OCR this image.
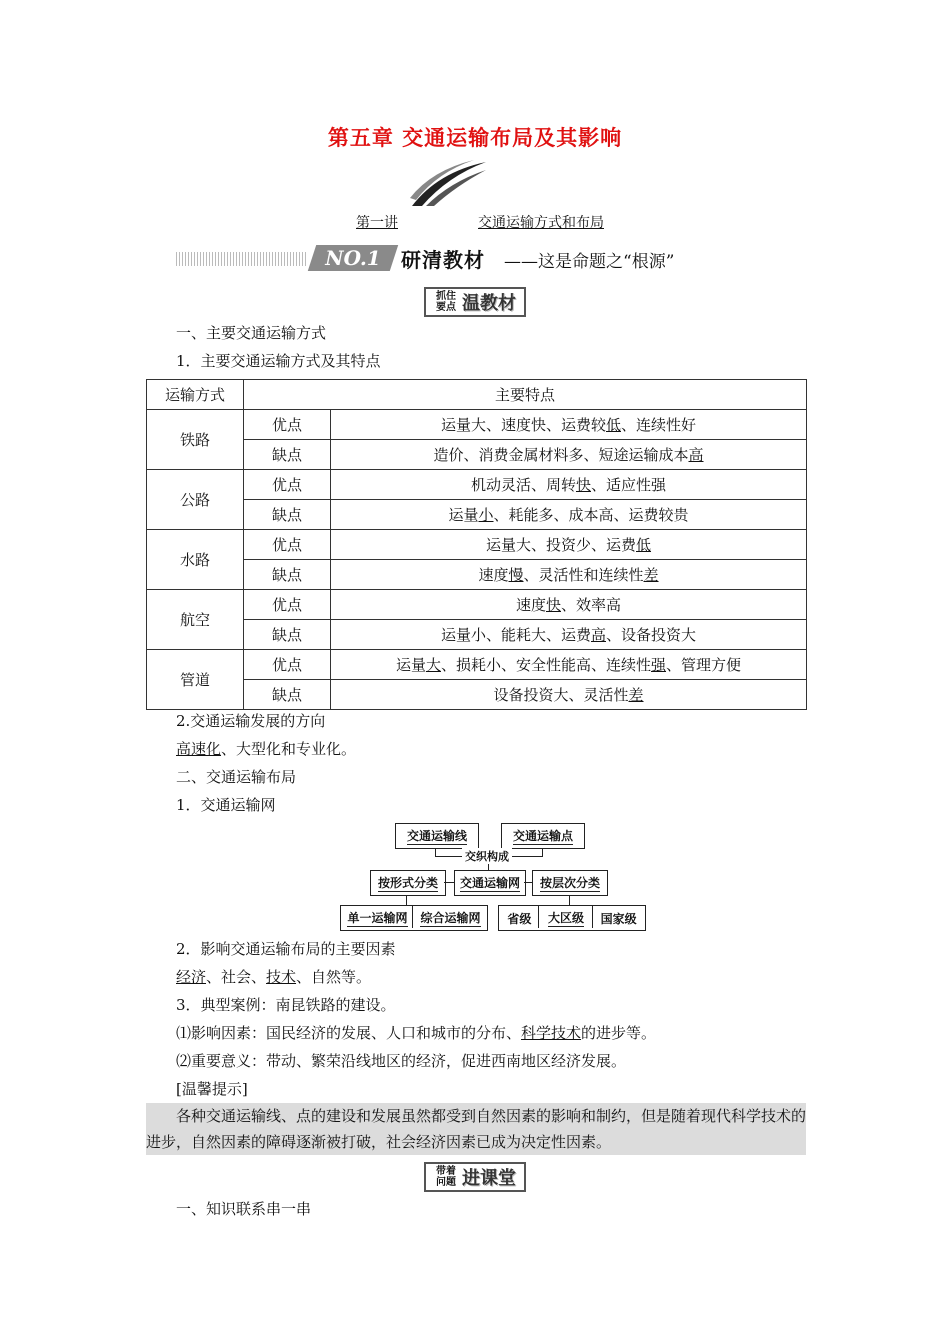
第五章 交通运输布局及其影响
第一讲	交通运输方式和布局
NO.1	研清教材 ——这是命题之“根源”
抓住
要点 温教材
一、主要交通运输方式
1．主要交通运输方式及其特点
运输方式	主要特点	
铁路	优点	运量大、速度快、运费较低、连续性好
	缺点	造价、消费金属材料多、短途运输成本高
公路	优点	机动灵活、周转快、适应性强
	缺点	运量小、耗能多、成本高、运费较贵
水路	优点	运量大、投资少、运费低
	缺点	速度慢、灵活性和连续性差
航空	优点	速度快、效率高
	缺点	运量小、能耗大、运费高、设备投资大
管道	优点	运量大、损耗小、安全性能高、连续性强、管理方便
	缺点	设备投资大、灵活性差
2.交通运输发展的方向
高速化、大型化和专业化。
二、交通运输布局
1．交通运输网
交通运输线	交通运输点
交织构成
按形式分类 交通运输网 按层次分类
单一运输网 综合运输网 省级 大区级 国家级
2．影响交通运输布局的主要因素
经济、社会、技术、自然等。
3．典型案例：南昆铁路的建设。
⑴影响因素：国民经济的发展、人口和城市的分布、科学技术的进步等。
⑵重要意义：带动、繁荣沿线地区的经济，促进西南地区经济发展。
[温馨提示]
各种交通运输线、点的建设和发展虽然都受到自然因素的影响和制约，但是随着现代科学技术的进步，自然因素的障碍逐渐被打破，社会经济因素已成为决定性因素。
带着
问题 进课堂
一、知识联系串一串
